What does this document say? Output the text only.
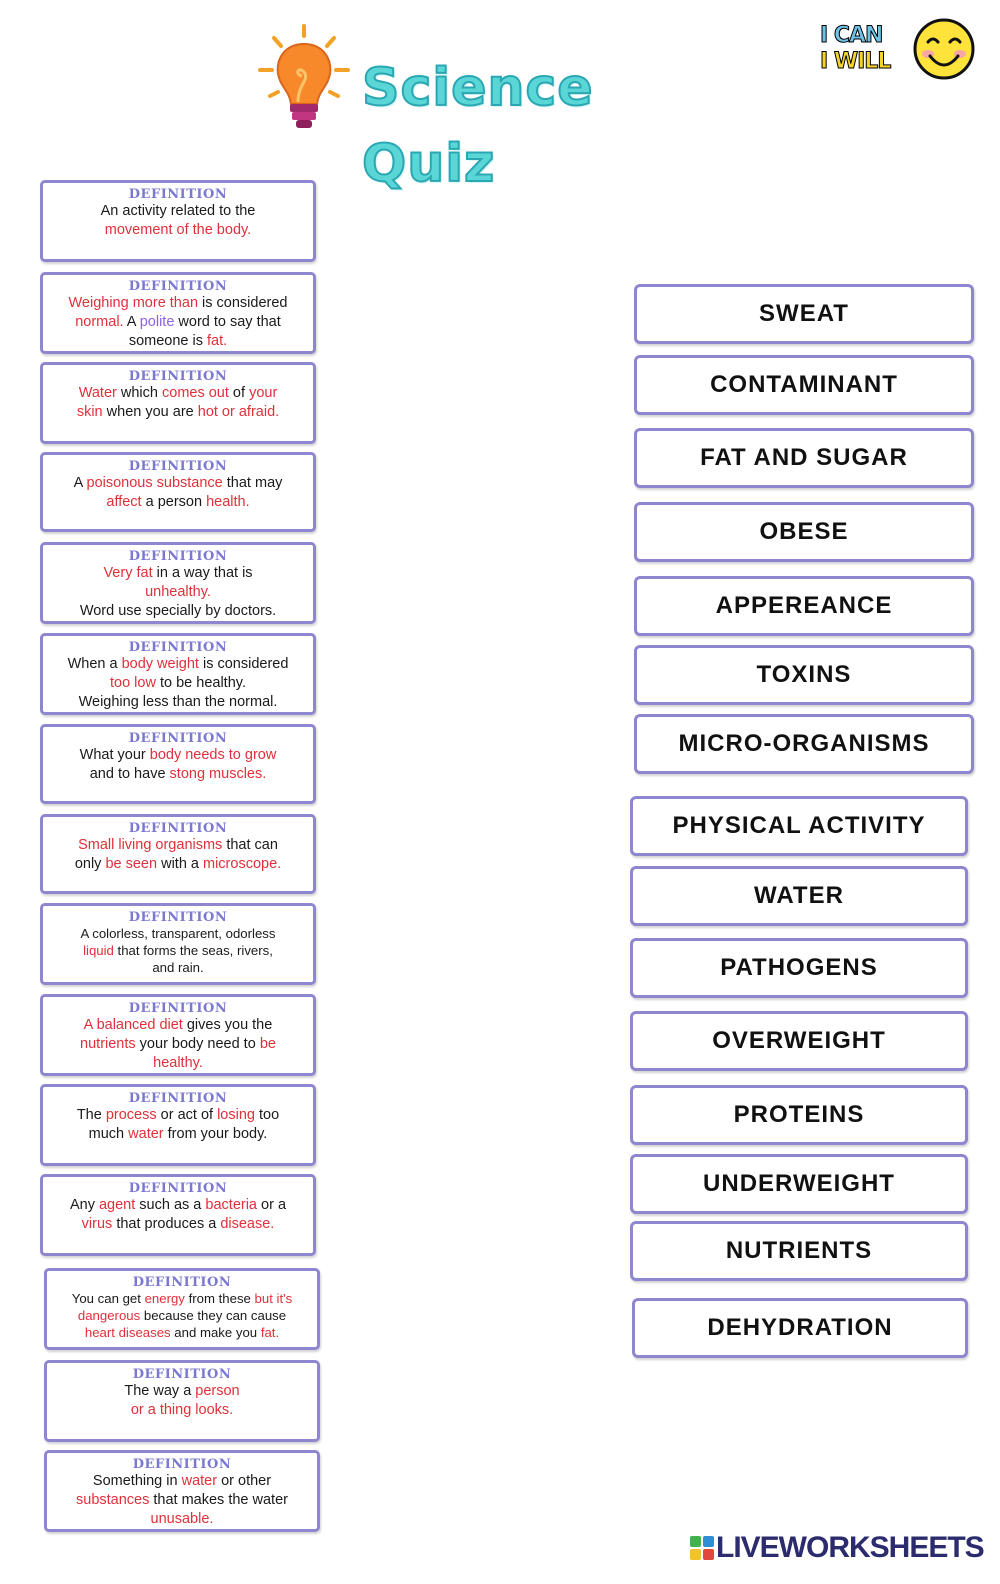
Science Quiz
I CAN
I WILL
DEFINITION
An activity related to the
movement of the body.
DEFINITION
Weighing more than is considered
normal. A polite word to say that
someone is fat.
DEFINITION
Water which comes out of your
skin when you are hot or afraid.
DEFINITION
A poisonous substance that may
affect a person health.
DEFINITION
Very fat in a way that is
unhealthy.
Word use specially by doctors.
DEFINITION
When a body weight is considered
too low to be healthy.
Weighing less than the normal.
DEFINITION
What your body needs to grow
and to have stong muscles.
DEFINITION
Small living organisms that can
only be seen with a microscope.
DEFINITION
A colorless, transparent, odorless
liquid that forms the seas, rivers,
and rain.
DEFINITION
A balanced diet gives you the
nutrients your body need to be
healthy.
DEFINITION
The process or act of losing too
much water from your body.
DEFINITION
Any agent such as a bacteria or a
virus that produces a disease.
DEFINITION
You can get energy from these but it's
dangerous because they can cause
heart diseases and make you fat.
DEFINITION
The way a person
or a thing looks.
DEFINITION
Something in water or other
substances that makes the water
unusable.
SWEAT
CONTAMINANT
FAT AND SUGAR
OBESE
APPEREANCE
TOXINS
MICRO-ORGANISMS
PHYSICAL ACTIVITY
WATER
PATHOGENS
OVERWEIGHT
PROTEINS
UNDERWEIGHT
NUTRIENTS
DEHYDRATION
LIVEWORKSHEETS
